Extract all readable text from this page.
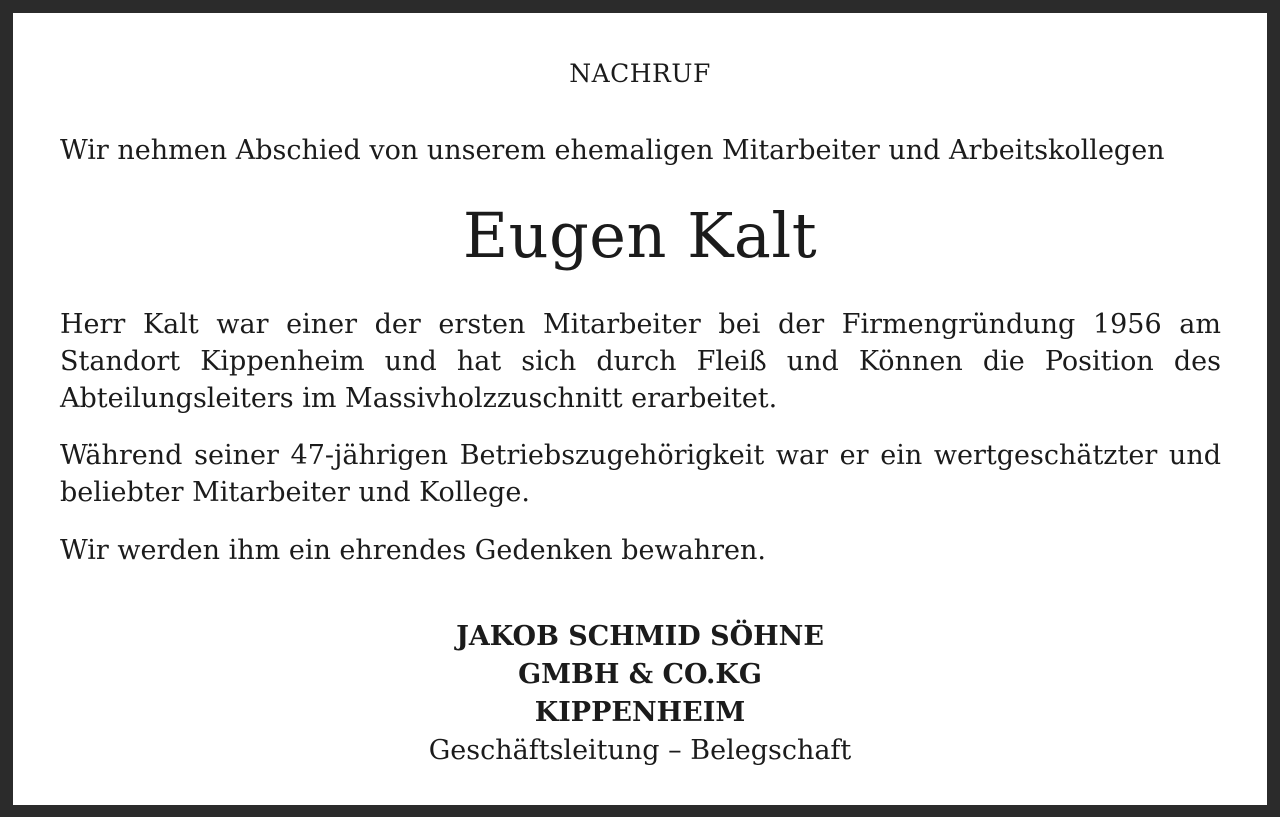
NACHRUF
Wir nehmen Abschied von unserem ehemaligen Mitarbeiter und Arbeitskollegen
Eugen Kalt
Herr Kalt war einer der ersten Mitarbeiter bei der Firmengründung 1956 am Standort Kippenheim und hat sich durch Fleiß und Können die Position des Abteilungsleiters im Massivholzzuschnitt erarbeitet.
Während seiner 47-jährigen Betriebszugehörigkeit war er ein wertgeschätzter und beliebter Mitarbeiter und Kollege.
Wir werden ihm ein ehrendes Gedenken bewahren.
JAKOB SCHMID SÖHNE
GMBH & CO.KG
KIPPENHEIM
Geschäftsleitung – Belegschaft
